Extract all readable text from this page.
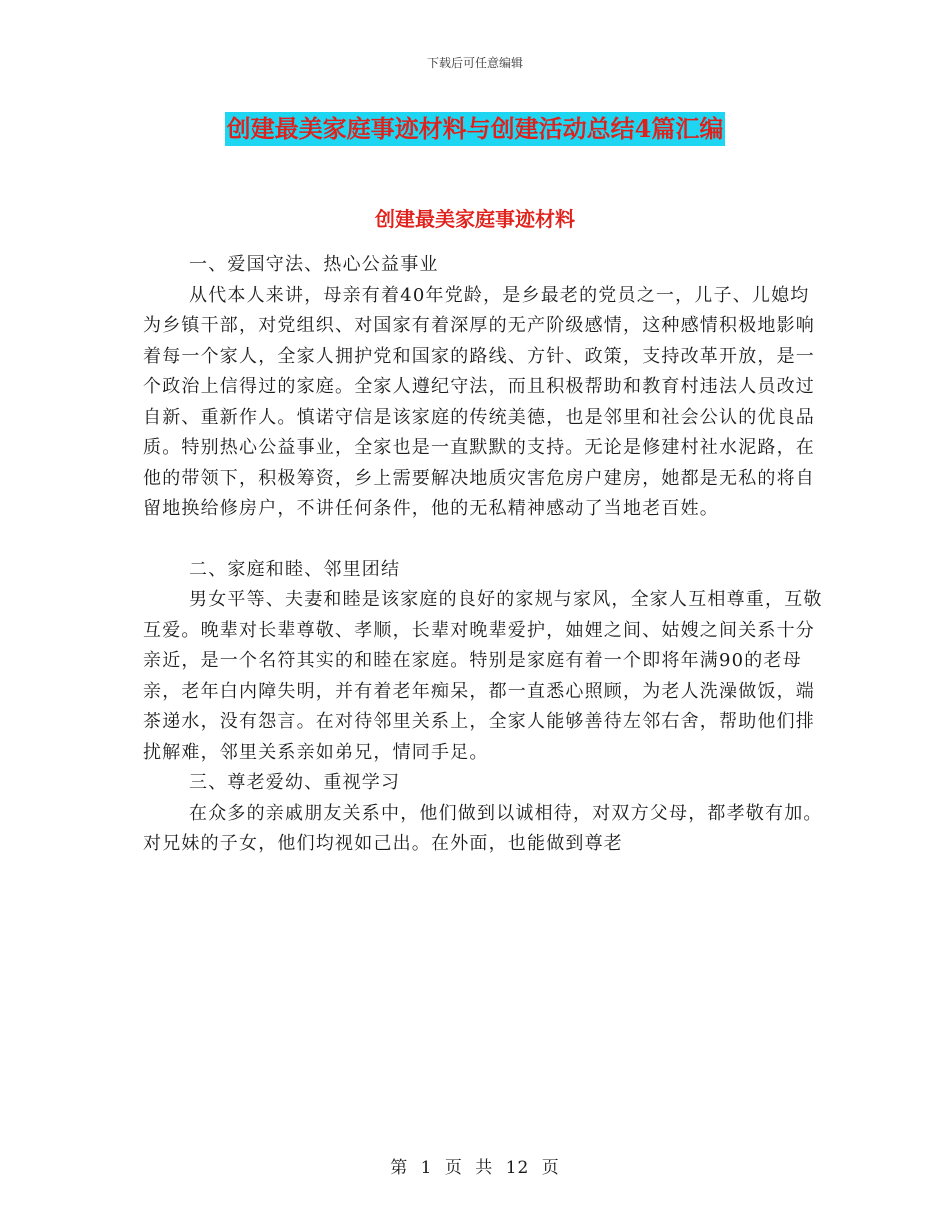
下载后可任意编辑
创建最美家庭事迹材料与创建活动总结4篇汇编
创建最美家庭事迹材料

一、爱国守法、热心公益事业

从代本人来讲，母亲有着40年党龄，是乡最老的党员之一，儿子、儿媳均为乡镇干部，对党组织、对国家有着深厚的无产阶级感情，这种感情积极地影响着每一个家人，全家人拥护党和国家的路线、方针、政策，支持改革开放，是一个政治上信得过的家庭。全家人遵纪守法，而且积极帮助和教育村违法人员改过自新、重新作人。慎诺守信是该家庭的传统美德，也是邻里和社会公认的优良品质。特别热心公益事业，全家也是一直默默的支持。无论是修建村社水泥路，在他的带领下，积极筹资，乡上需要解决地质灾害危房户建房，她都是无私的将自留地换给修房户，不讲任何条件，他的无私精神感动了当地老百姓。

二、家庭和睦、邻里团结

男女平等、夫妻和睦是该家庭的良好的家规与家风，全家人互相尊重，互敬互爱。晚辈对长辈尊敬、孝顺，长辈对晚辈爱护，妯娌之间、姑嫂之间关系十分亲近，是一个名符其实的和睦在家庭。特别是家庭有着一个即将年满90的老母亲，老年白内障失明，并有着老年痴呆，都一直悉心照顾，为老人洗澡做饭，端茶递水，没有怨言。在对待邻里关系上，全家人能够善待左邻右舍，帮助他们排扰解难，邻里关系亲如弟兄，情同手足。

三、尊老爱幼、重视学习

在众多的亲戚朋友关系中，他们做到以诚相待，对双方父母，都孝敬有加。对兄妹的子女，他们均视如己出。在外面，也能做到尊老

第 1 页 共 12 页
